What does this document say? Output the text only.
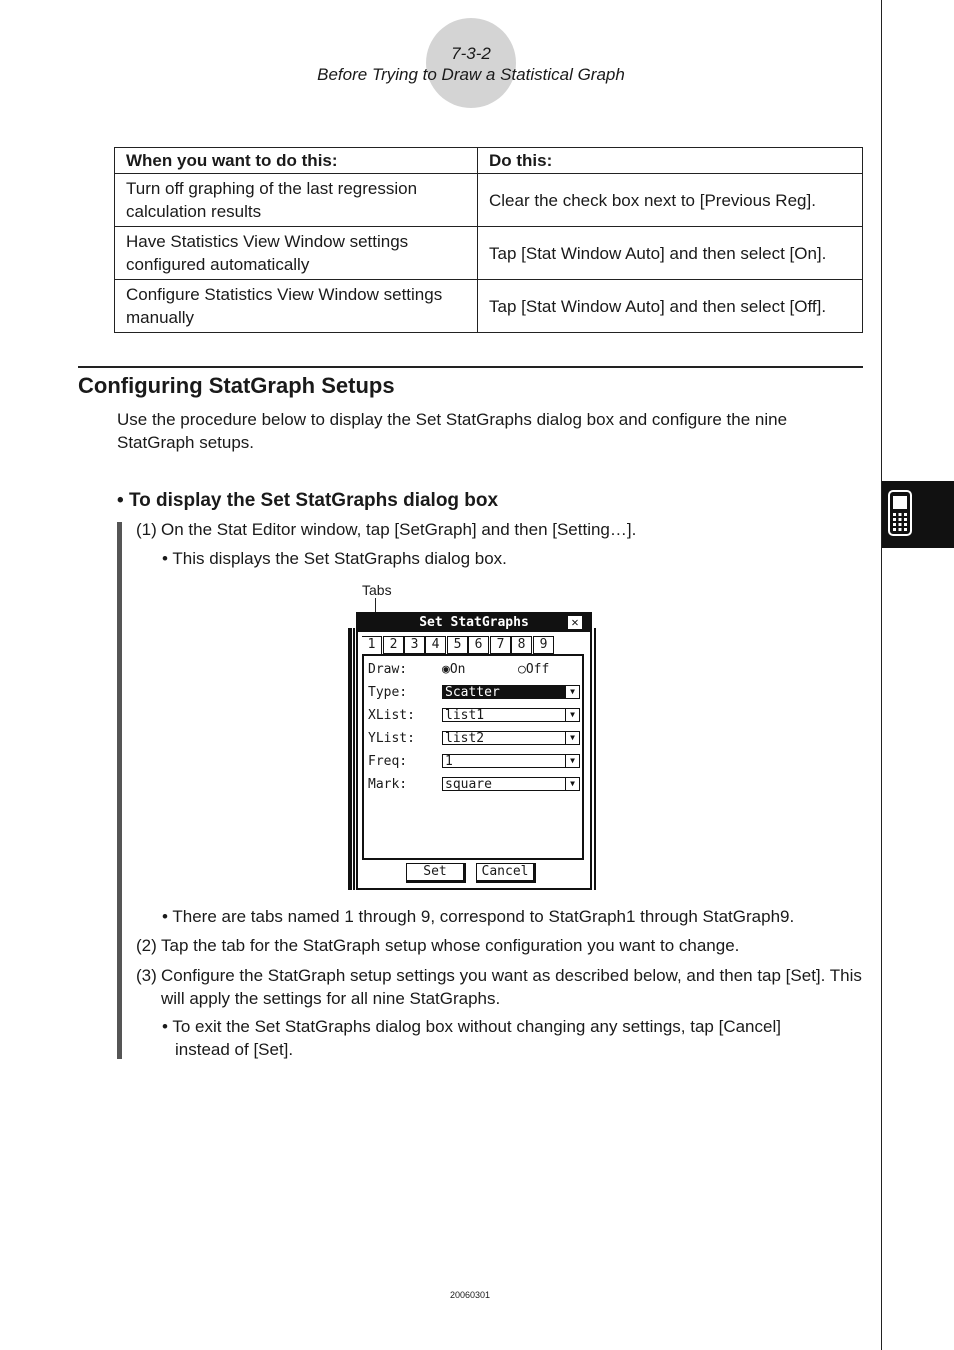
7-3-2
Before Trying to Draw a Statistical Graph
When you want to do this:	Do this:
Turn off graphing of the last regression calculation results	Clear the check box next to [Previous Reg].
Have Statistics View Window settings configured automatically	Tap [Stat Window Auto] and then select [On].
Configure Statistics View Window settings manually	Tap [Stat Window Auto] and then select [Off].
Configuring StatGraph Setups
Use the procedure below to display the Set StatGraphs dialog box and configure the nine StatGraph setups.
• To display the Set StatGraphs dialog box
(1) On the Stat Editor window, tap [SetGraph] and then [Setting…].
• This displays the Set StatGraphs dialog box.
Tabs
Set StatGraphs	✕
1	2	3	4	5	6	7	8	9
Draw:	◉On	○Off
Type:	Scatter	▼
XList: list1	▼
YList: list2	▼
Freq:	1	▼
Mark:	square	▼
Set	Cancel
• There are tabs named 1 through 9, correspond to StatGraph1 through StatGraph9.
(2) Tap the tab for the StatGraph setup whose configuration you want to change.
(3) Configure the StatGraph setup settings you want as described below, and then tap [Set]. This will apply the settings for all nine StatGraphs.
• To exit the Set StatGraphs dialog box without changing any settings, tap [Cancel]
instead of [Set].
20060301
